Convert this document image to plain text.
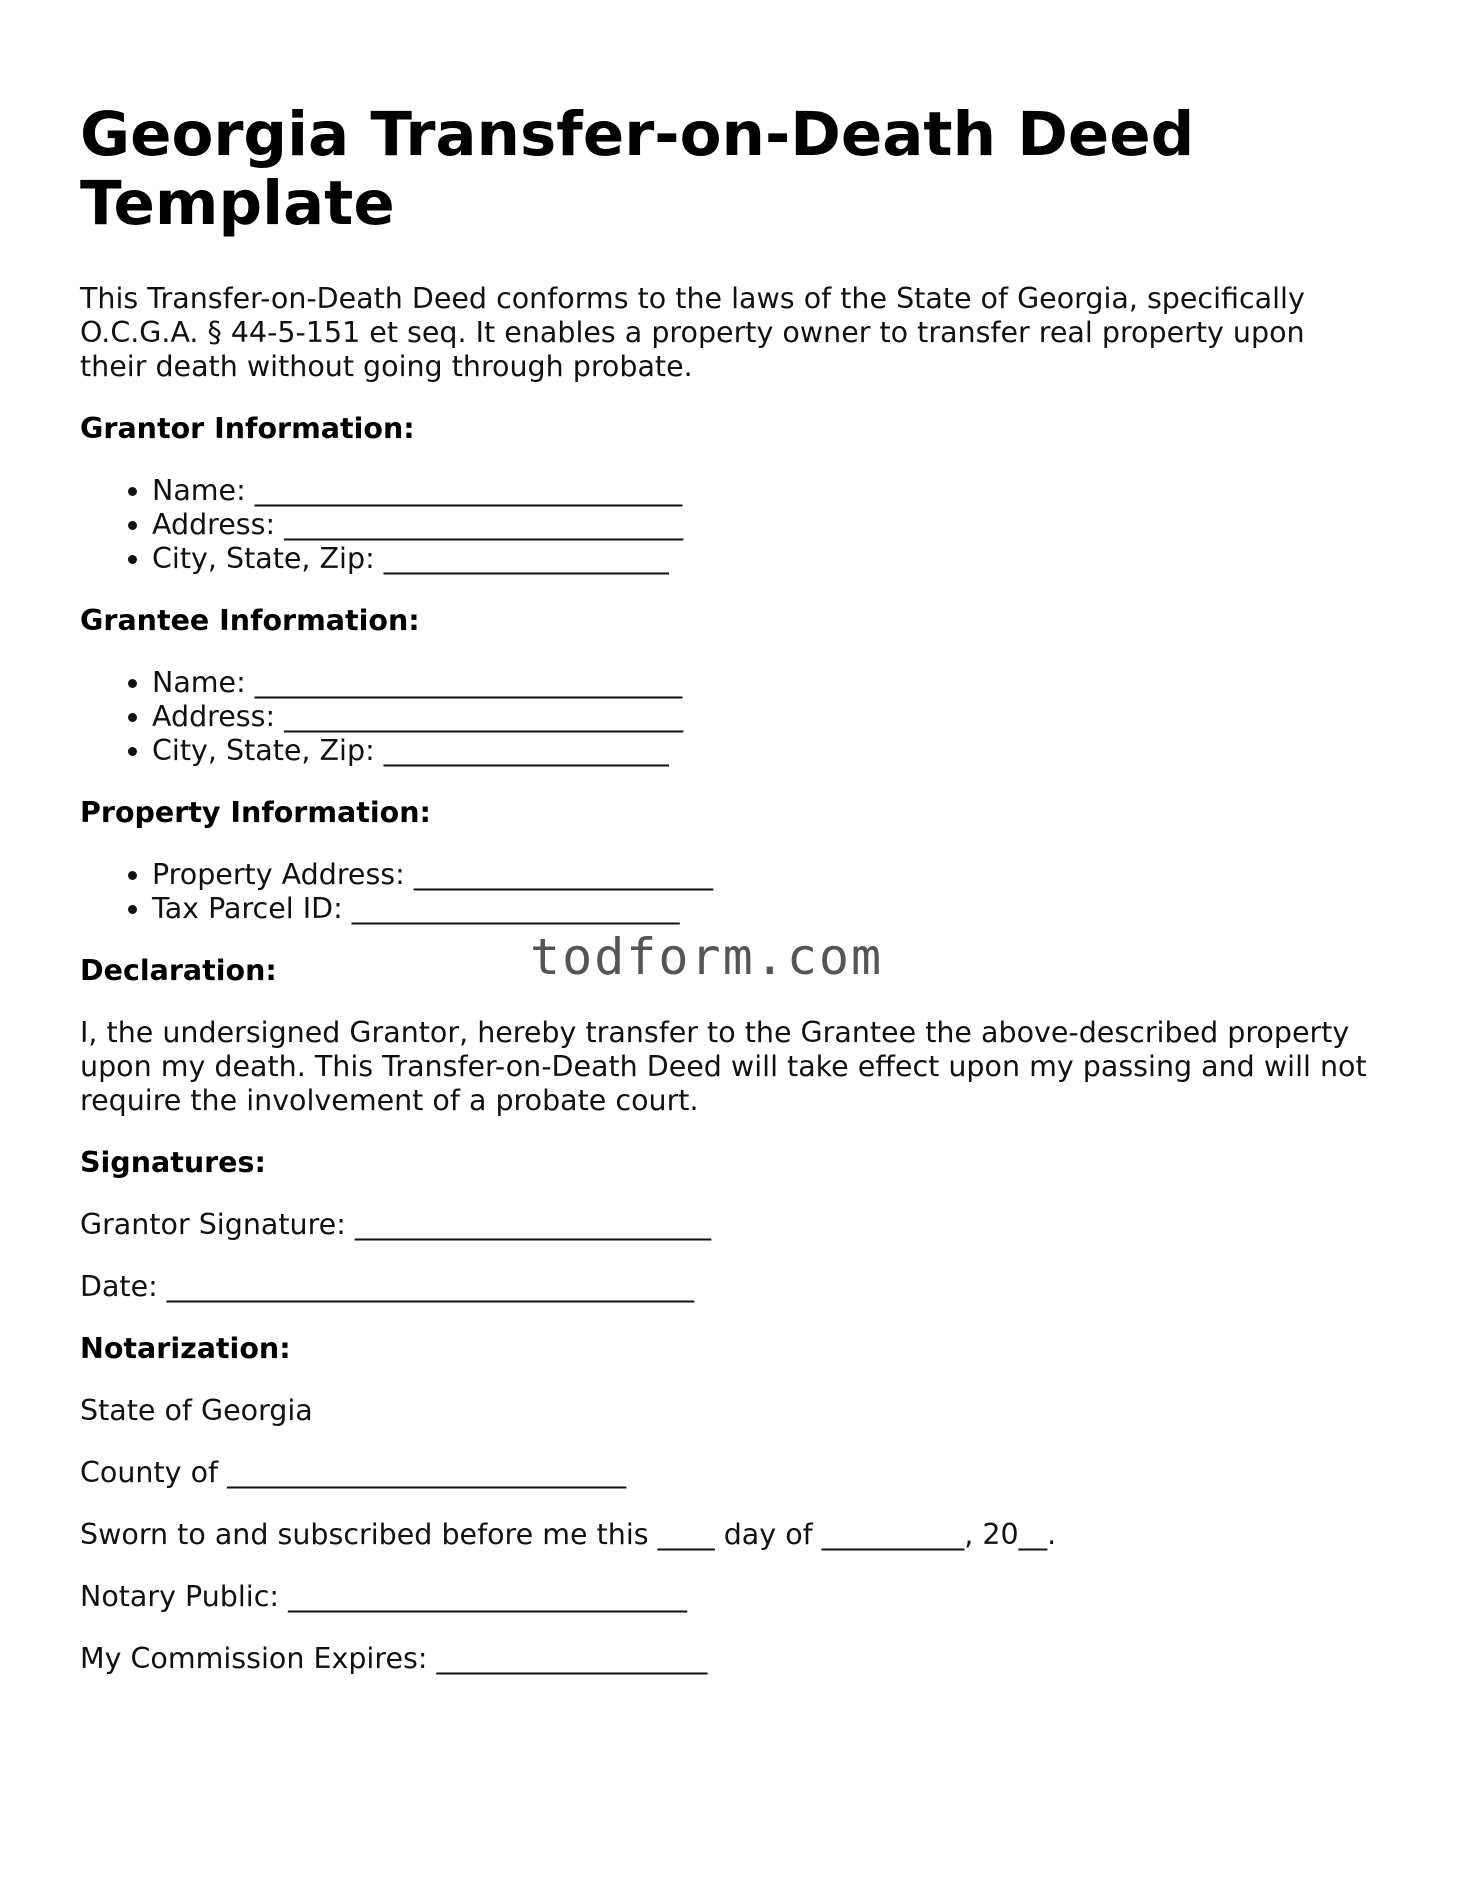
Georgia Transfer-on-Death Deed Template

This Transfer-on-Death Deed conforms to the laws of the State of Georgia, specifically O.C.G.A. § 44-5-151 et seq. It enables a property owner to transfer real property upon their death without going through probate.

Grantor Information:
• Name: ______________________________
• Address: ____________________________
• City, State, Zip: ____________________
Grantee Information:
• Name: ______________________________
• Address: ____________________________
• City, State, Zip: ____________________
Property Information:
• Property Address: _____________________
• Tax Parcel ID: _______________________
Declaration:

I, the undersigned Grantor, hereby transfer to the Grantee the above-described property upon my death. This Transfer-on-Death Deed will take effect upon my passing and will not require the involvement of a probate court.

Signatures:

Grantor Signature: _________________________

Date: _____________________________________

Notarization:

State of Georgia

County of ____________________________

Sworn to and subscribed before me this ____ day of __________, 20__.

Notary Public: ____________________________

My Commission Expires: ___________________

todform.com
